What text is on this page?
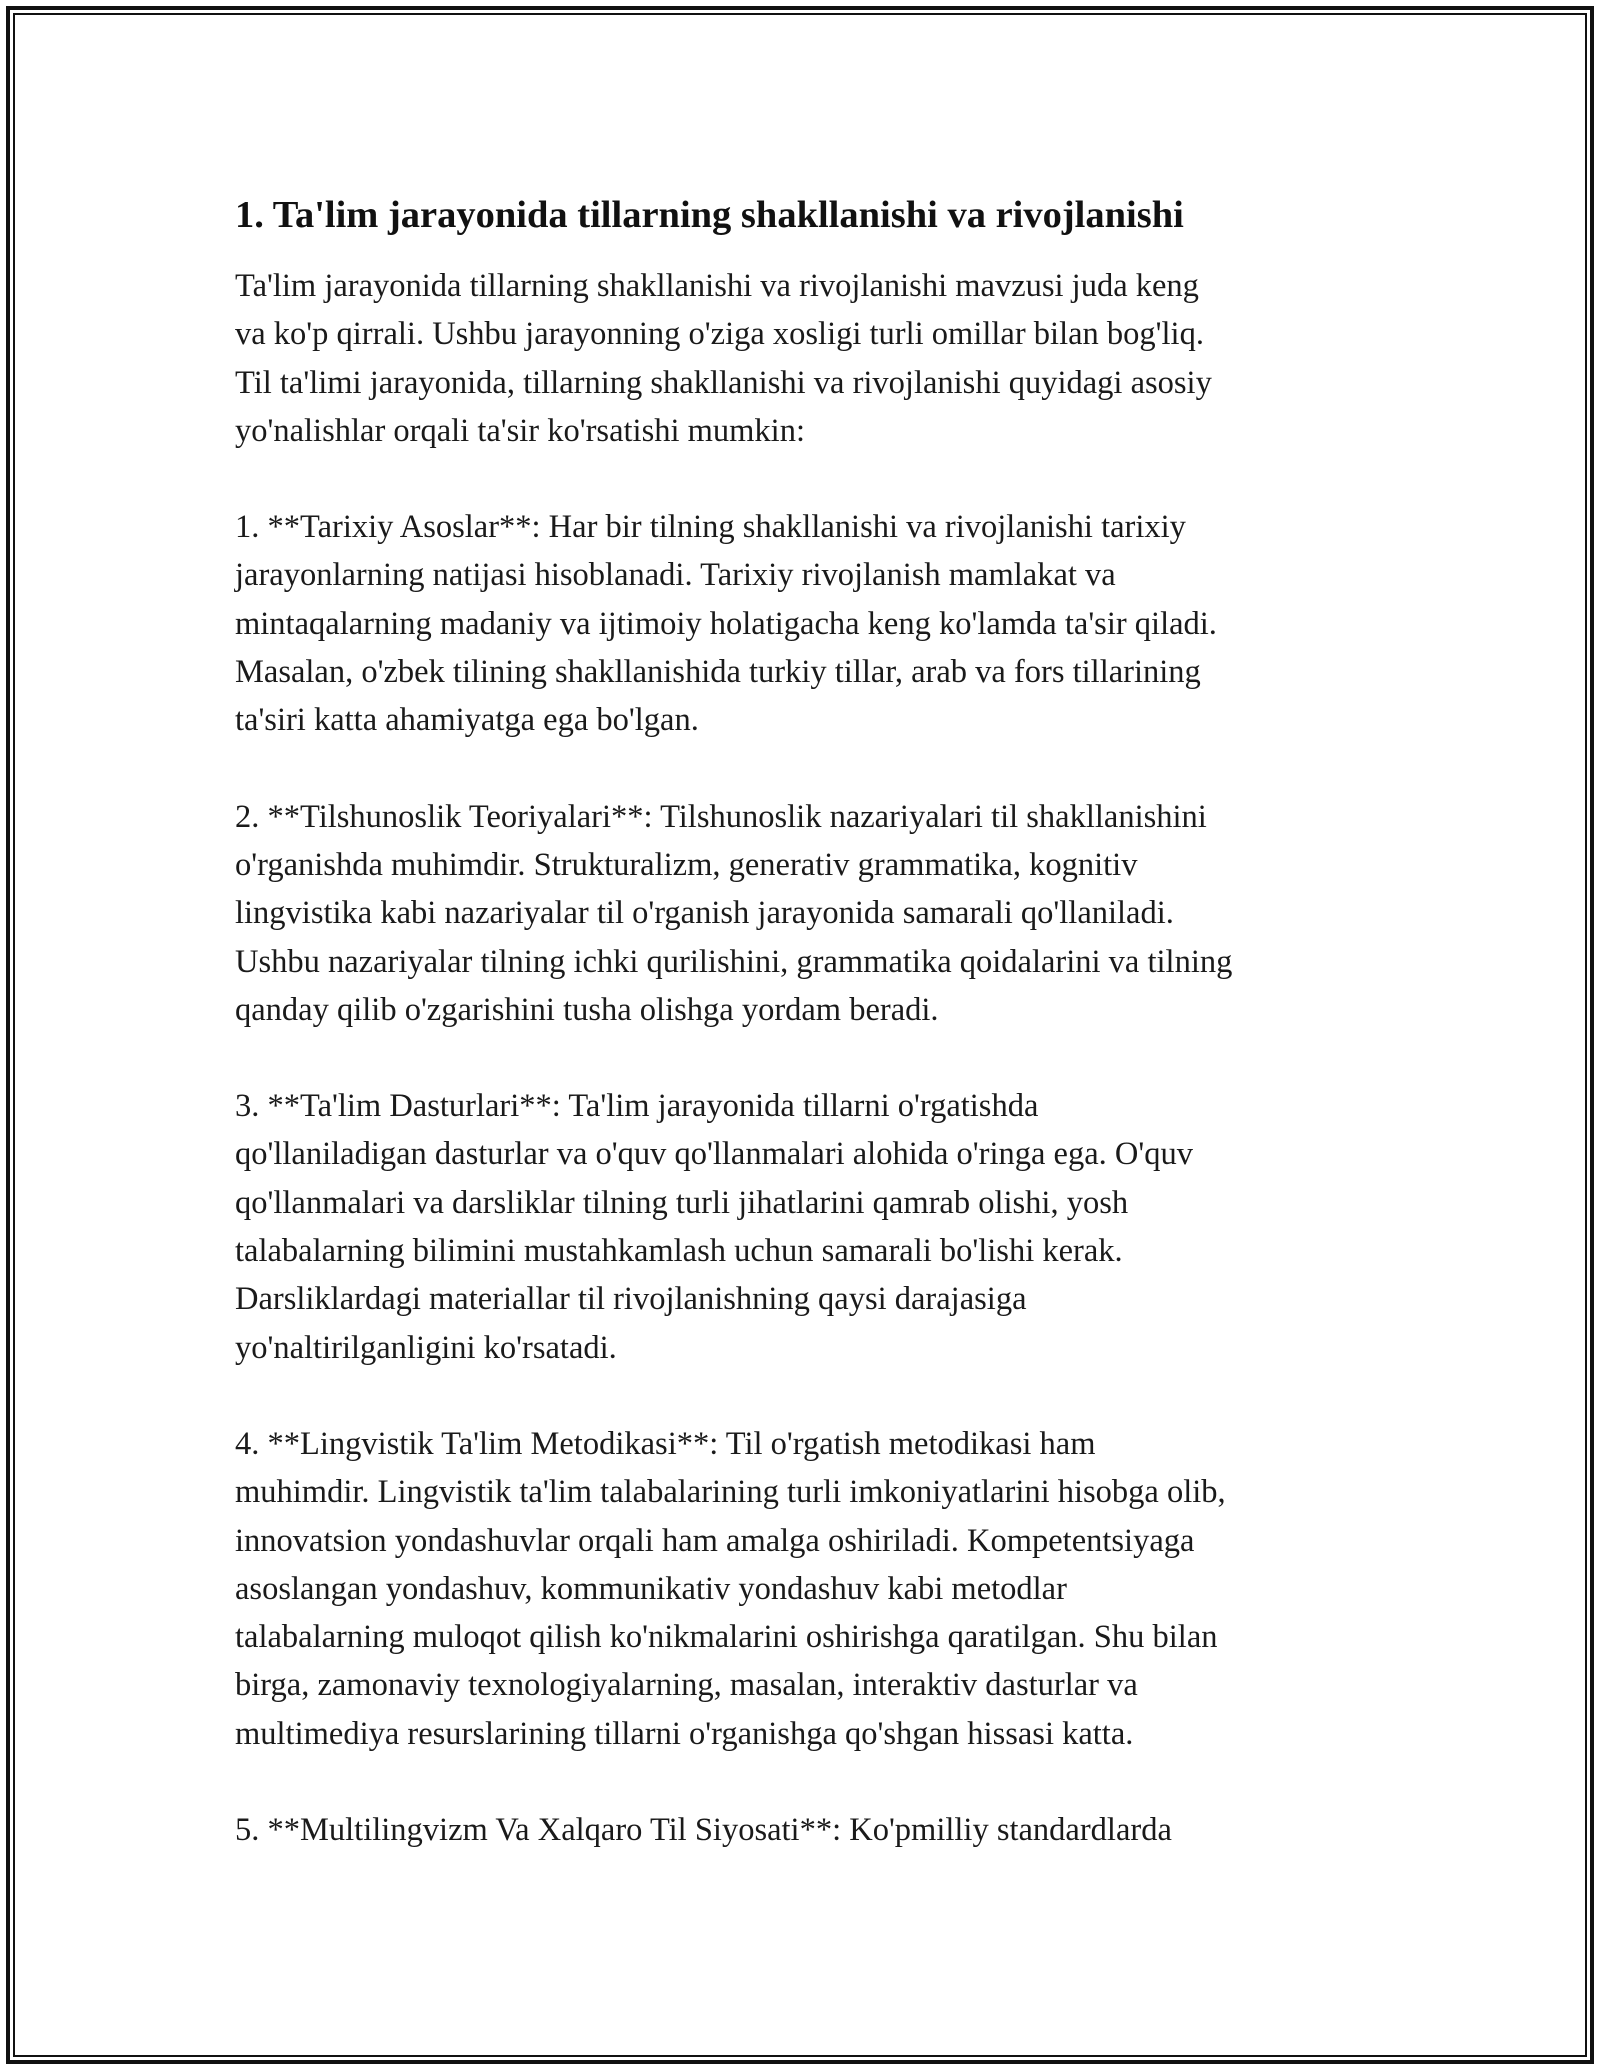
1. Ta'lim jarayonida tillarning shakllanishi va rivojlanishi

Ta'lim jarayonida tillarning shakllanishi va rivojlanishi mavzusi juda keng
va ko'p qirrali. Ushbu jarayonning o'ziga xosligi turli omillar bilan bog'liq.
Til ta'limi jarayonida, tillarning shakllanishi va rivojlanishi quyidagi asosiy
yo'nalishlar orqali ta'sir ko'rsatishi mumkin:

1. **Tarixiy Asoslar**: Har bir tilning shakllanishi va rivojlanishi tarixiy
jarayonlarning natijasi hisoblanadi. Tarixiy rivojlanish mamlakat va
mintaqalarning madaniy va ijtimoiy holatigacha keng ko'lamda ta'sir qiladi.
Masalan, o'zbek tilining shakllanishida turkiy tillar, arab va fors tillarining
ta'siri katta ahamiyatga ega bo'lgan.

2. **Tilshunoslik Teoriyalari**: Tilshunoslik nazariyalari til shakllanishini
o'rganishda muhimdir. Strukturalizm, generativ grammatika, kognitiv
lingvistika kabi nazariyalar til o'rganish jarayonida samarali qo'llaniladi.
Ushbu nazariyalar tilning ichki qurilishini, grammatika qoidalarini va tilning
qanday qilib o'zgarishini tusha olishga yordam beradi.

3. **Ta'lim Dasturlari**: Ta'lim jarayonida tillarni o'rgatishda
qo'llaniladigan dasturlar va o'quv qo'llanmalari alohida o'ringa ega. O'quv
qo'llanmalari va darsliklar tilning turli jihatlarini qamrab olishi, yosh
talabalarning bilimini mustahkamlash uchun samarali bo'lishi kerak.
Darsliklardagi materiallar til rivojlanishning qaysi darajasiga
yo'naltirilganligini ko'rsatadi.

4. **Lingvistik Ta'lim Metodikasi**: Til o'rgatish metodikasi ham
muhimdir. Lingvistik ta'lim talabalarining turli imkoniyatlarini hisobga olib,
innovatsion yondashuvlar orqali ham amalga oshiriladi. Kompetentsiyaga
asoslangan yondashuv, kommunikativ yondashuv kabi metodlar
talabalarning muloqot qilish ko'nikmalarini oshirishga qaratilgan. Shu bilan
birga, zamonaviy texnologiyalarning, masalan, interaktiv dasturlar va
multimediya resurslarining tillarni o'rganishga qo'shgan hissasi katta.

5. **Multilingvizm Va Xalqaro Til Siyosati**: Ko'pmilliy standardlarda
